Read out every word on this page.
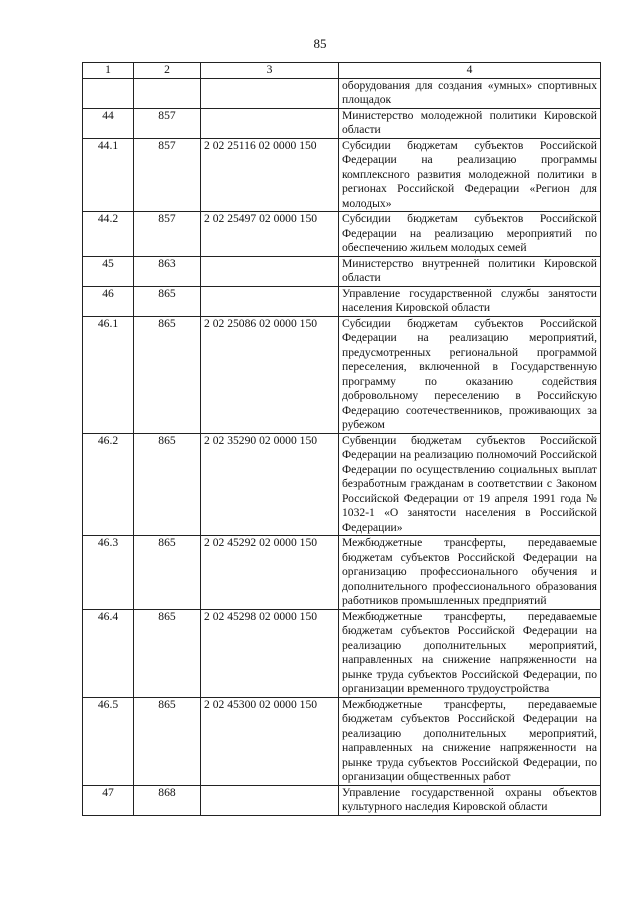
85
1	2	3	4
			оборудования для создания «умных» спортивных площадок
44	857		Министерство молодежной политики Кировской области
44.1	857	2 02 25116 02 0000 150	Субсидии бюджетам субъектов Российской Федерации на реализацию программы комплексного развития молодежной политики в регионах Российской Федерации «Регион для молодых»
44.2	857	2 02 25497 02 0000 150	Субсидии бюджетам субъектов Российской Федерации на реализацию мероприятий по обеспечению жильем молодых семей
45	863		Министерство внутренней политики Кировской области
46	865		Управление государственной службы занятости населения Кировской области
46.1	865	2 02 25086 02 0000 150	Субсидии бюджетам субъектов Российской Федерации на реализацию мероприятий, предусмотренных региональной программой переселения, включенной в Государственную программу по оказанию содействия добровольному переселению в Российскую Федерацию соотечественников, проживающих за рубежом
46.2	865	2 02 35290 02 0000 150	Субвенции бюджетам субъектов Российской Федерации на реализацию полномочий Российской Федерации по осуществлению социальных выплат безработным гражданам в соответствии с Законом Российской Федерации от 19 апреля 1991 года № 1032-1 «О занятости населения в Российской Федерации»
46.3	865	2 02 45292 02 0000 150	Межбюджетные трансферты, передаваемые бюджетам субъектов Российской Федерации на организацию профессионального обучения и дополнительного профессионального образования работников промышленных предприятий
46.4	865	2 02 45298 02 0000 150	Межбюджетные трансферты, передаваемые бюджетам субъектов Российской Федерации на реализацию дополнительных мероприятий, направленных на снижение напряженности на рынке труда субъектов Российской Федерации, по организации временного трудоустройства
46.5	865	2 02 45300 02 0000 150	Межбюджетные трансферты, передаваемые бюджетам субъектов Российской Федерации на реализацию дополнительных мероприятий, направленных на снижение напряженности на рынке труда субъектов Российской Федерации, по организации общественных работ
47	868		Управление государственной охраны объектов культурного наследия Кировской области
